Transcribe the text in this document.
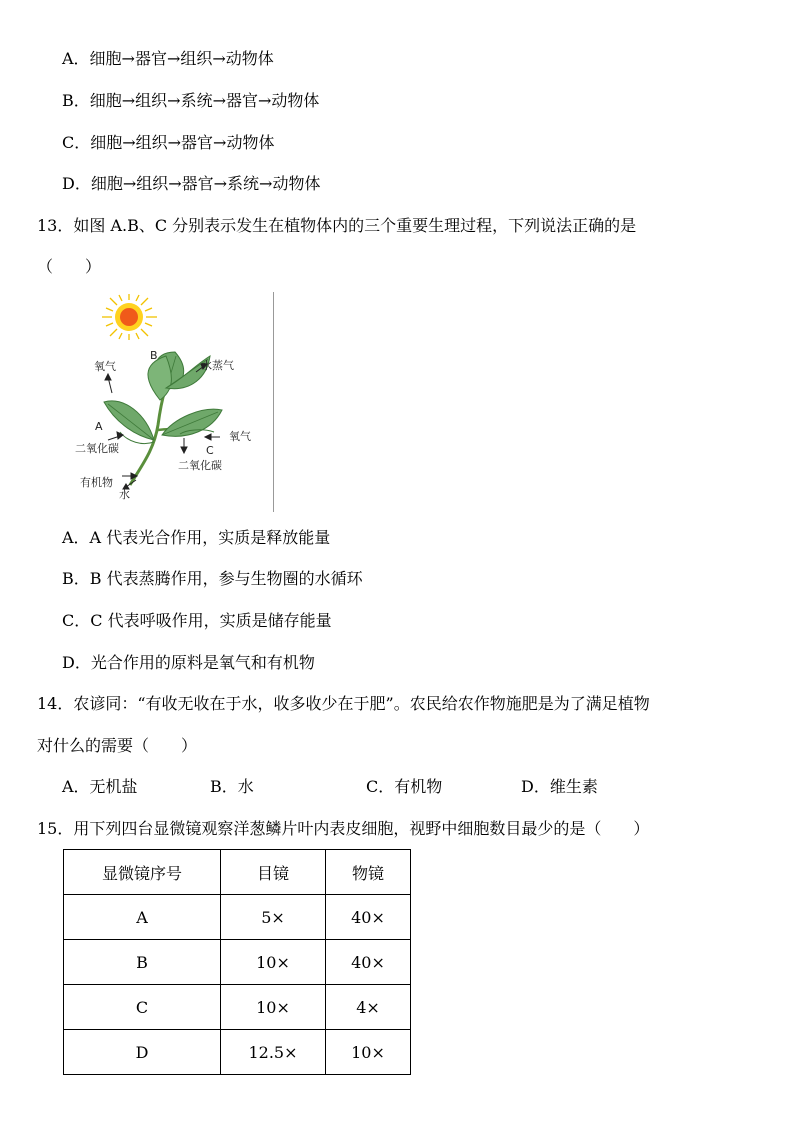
A．细胞→器官→组织→动物体
B．细胞→组织→系统→器官→动物体
C．细胞→组织→器官→动物体
D．细胞→组织→器官→系统→动物体
13．如图 A.B、C 分别表示发生在植物体内的三个重要生理过程，下列说法正确的是
（　　）
氧气
A
二氧化碳
有机物
水
B
水蒸气
氧气
C
二氧化碳
A．A 代表光合作用，实质是释放能量
B．B 代表蒸腾作用，参与生物圈的水循环
C．C 代表呼吸作用，实质是储存能量
D．光合作用的原料是氧气和有机物
14．农谚同：“有收无收在于水，收多收少在于肥”。农民给农作物施肥是为了满足植物
对什么的需要（　　）
A．无机盐	B．水	C．有机物	D．维生素
15．用下列四台显微镜观察洋葱鳞片叶内表皮细胞，视野中细胞数目最少的是（　　）
显微镜序号	目镜	物镜
A	5×	40×
B	10×	40×
C	10×	4×
D	12.5×	10×
